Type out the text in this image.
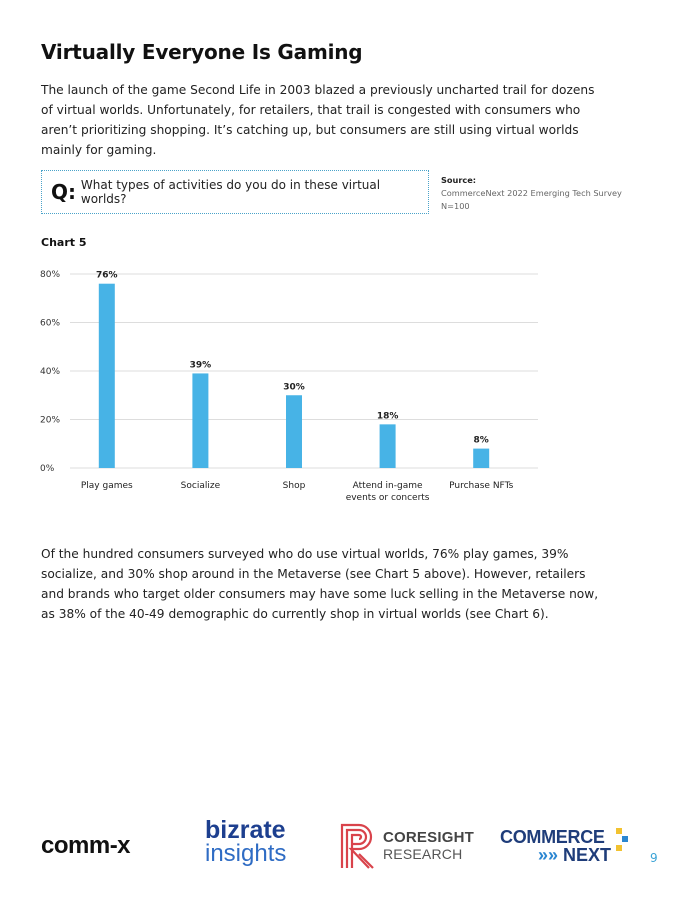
Virtually Everyone Is Gaming

The launch of the game Second Life in 2003 blazed a previously uncharted trail for dozens of virtual worlds. Unfortunately, for retailers, that trail is congested with consumers who aren’t prioritizing shopping. It’s catching up, but consumers are still using virtual worlds mainly for gaming.

Q: What types of activities do you do in these virtual worlds?
Source:
CommerceNext 2022 Emerging Tech Survey
N=100
Chart 5
0%
20%
40%
60%
80%	76%
Play games
39%
Socialize
30%
Shop
18%
Attend in-game
events or concerts
8%
Purchase NFTs

Of the hundred consumers surveyed who do use virtual worlds, 76% play games, 39% socialize, and 30% shop around in the Metaverse (see Chart 5 above). However, retailers and brands who target older consumers may have some luck selling in the Metaverse now, as 38% of the 40-49 demographic do currently shop in virtual worlds (see Chart 6).

comm-x
bizrate
insights
CORESIGHT
RESEARCH
COMMERCE
»» NEXT	9
